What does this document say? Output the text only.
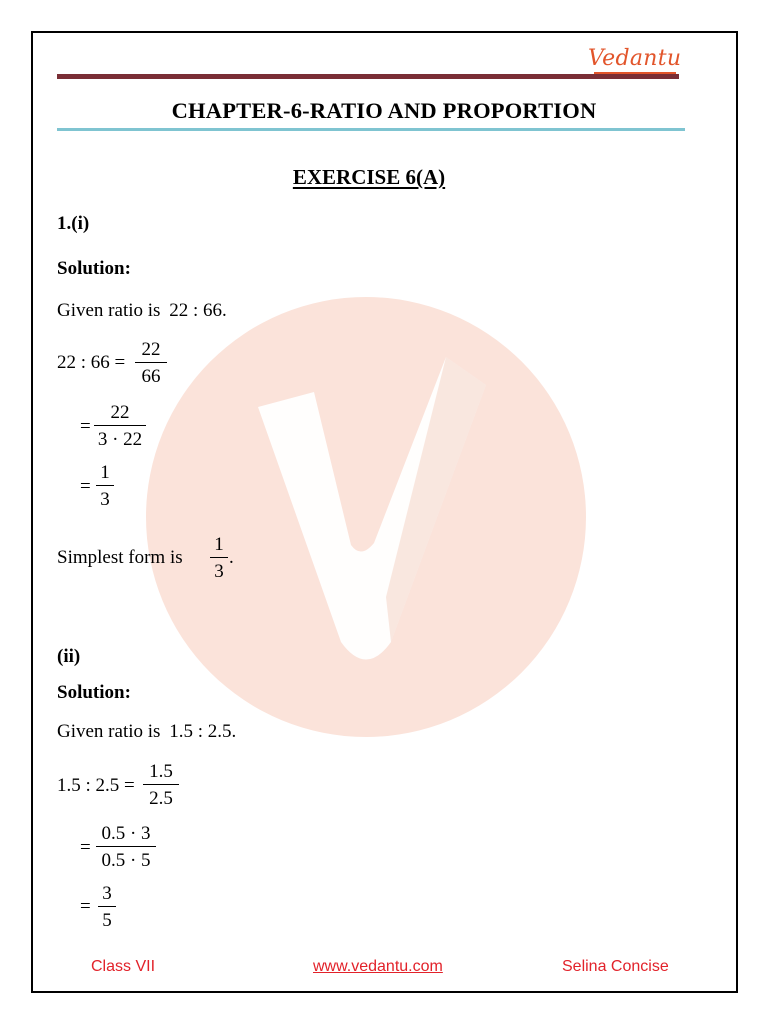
Vedantu
CHAPTER-6-RATIO AND PROPORTION
EXERCISE 6(A)
1.(i)
Solution:
Given ratio is 22 : 66.
22 : 66 =
22
66
=
22
3 · 22
=
1
3
Simplest form is
1
3
.
(ii)
Solution:
Given ratio is 1.5 : 2.5.
1.5 : 2.5 =
1.5
2.5
=
0.5 · 3
0.5 · 5
=
3
5
Class VII	www.vedantu.com	Selina Concise
